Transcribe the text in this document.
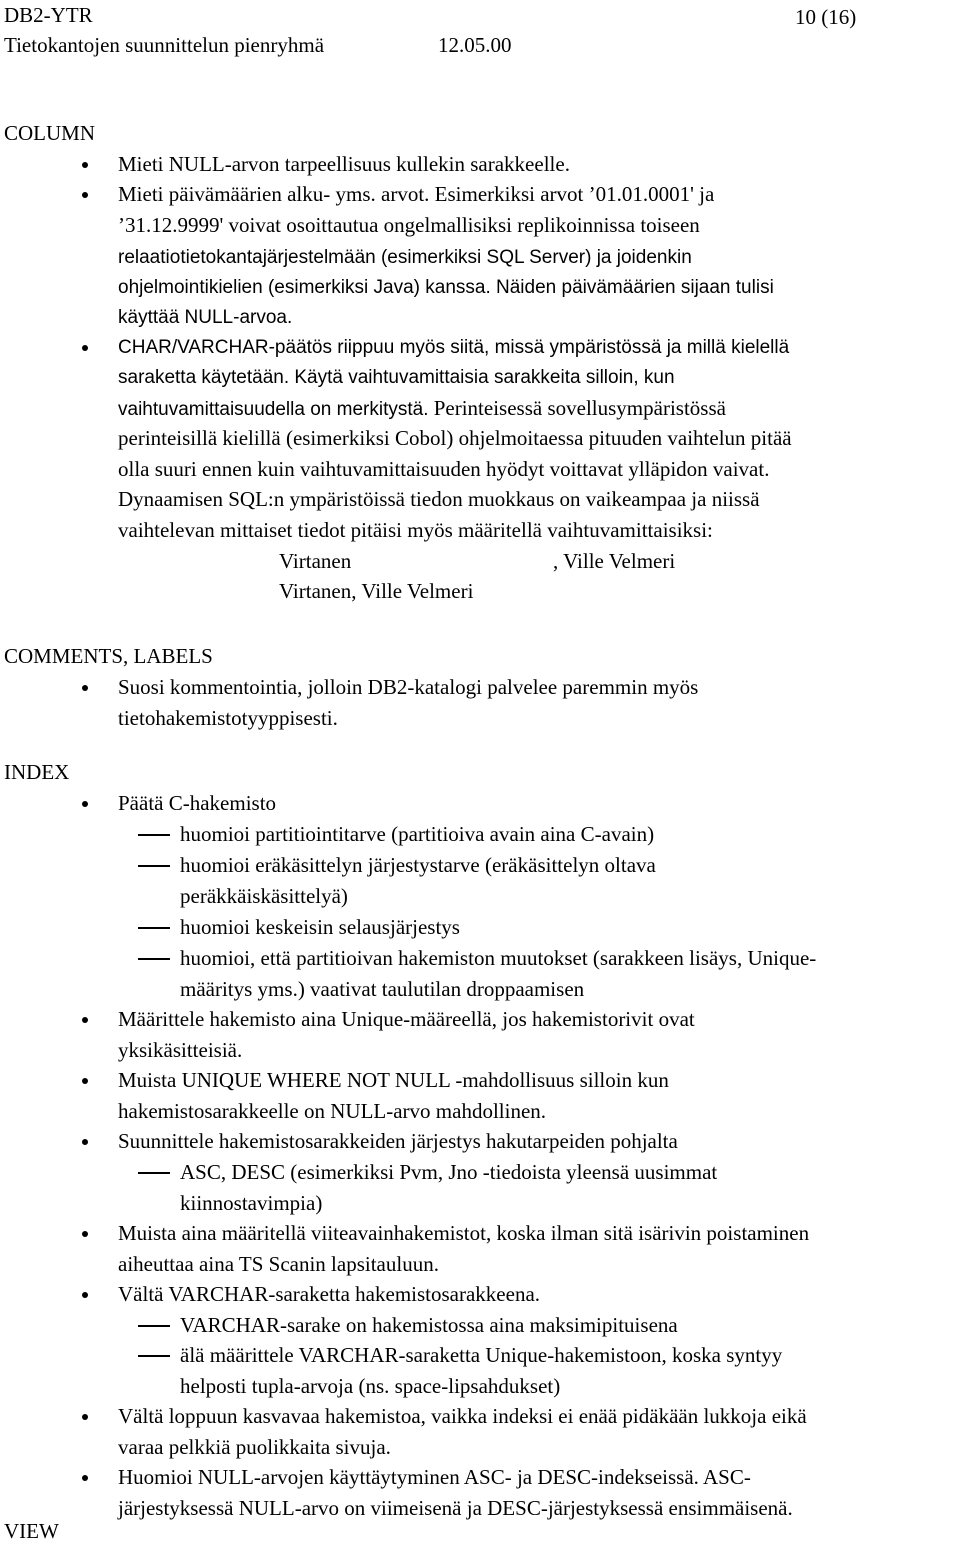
DB2-YTR	10 (16)
Tietokantojen suunnittelun pienryhmä	12.05.00
COLUMN
Mieti NULL-arvon tarpeellisuus kullekin sarakkeelle.
Mieti päivämäärien alku- yms. arvot. Esimerkiksi arvot ’01.01.0001' ja
’31.12.9999' voivat osoittautua ongelmallisiksi replikoinnissa toiseen
relaatiotietokantajärjestelmään (esimerkiksi SQL Server) ja joidenkin
ohjelmointikielien (esimerkiksi Java) kanssa. Näiden päivämäärien sijaan tulisi
käyttää NULL-arvoa.
CHAR/VARCHAR-päätös riippuu myös siitä, missä ympäristössä ja millä kielellä
saraketta käytetään. Käytä vaihtuvamittaisia sarakkeita silloin, kun
vaihtuvamittaisuudella on merkitystä. Perinteisessä sovellusympäristössä
perinteisillä kielillä (esimerkiksi Cobol) ohjelmoitaessa pituuden vaihtelun pitää
olla suuri ennen kuin vaihtuvamittaisuuden hyödyt voittavat ylläpidon vaivat.
Dynaamisen SQL:n ympäristöissä tiedon muokkaus on vaikeampaa ja niissä
vaihtelevan mittaiset tiedot pitäisi myös määritellä vaihtuvamittaisiksi:
Virtanen	, Ville Velmeri
Virtanen, Ville Velmeri
COMMENTS, LABELS
Suosi kommentointia, jolloin DB2-katalogi palvelee paremmin myös
tietohakemistotyyppisesti.
INDEX
Päätä C-hakemisto
huomioi partitiointitarve (partitioiva avain aina C-avain)
huomioi eräkäsittelyn järjestystarve (eräkäsittelyn oltava
peräkkäiskäsittelyä)
huomioi keskeisin selausjärjestys
huomioi, että partitioivan hakemiston muutokset (sarakkeen lisäys, Unique-
määritys yms.) vaativat taulutilan droppaamisen
Määrittele hakemisto aina Unique-määreellä, jos hakemistorivit ovat
yksikäsitteisiä.
Muista UNIQUE WHERE NOT NULL -mahdollisuus silloin kun
hakemistosarakkeelle on NULL-arvo mahdollinen.
Suunnittele hakemistosarakkeiden järjestys hakutarpeiden pohjalta
ASC, DESC (esimerkiksi Pvm, Jno -tiedoista yleensä uusimmat
kiinnostavimpia)
Muista aina määritellä viiteavainhakemistot, koska ilman sitä isärivin poistaminen
aiheuttaa aina TS Scanin lapsitauluun.
Vältä VARCHAR-saraketta hakemistosarakkeena.
VARCHAR-sarake on hakemistossa aina maksimipituisena
älä määrittele VARCHAR-saraketta Unique-hakemistoon, koska syntyy
helposti tupla-arvoja (ns. space-lipsahdukset)
Vältä loppuun kasvavaa hakemistoa, vaikka indeksi ei enää pidäkään lukkoja eikä
varaa pelkkiä puolikkaita sivuja.
Huomioi NULL-arvojen käyttäytyminen ASC- ja DESC-indekseissä. ASC-
järjestyksessä NULL-arvo on viimeisenä ja DESC-järjestyksessä ensimmäisenä.
VIEW
